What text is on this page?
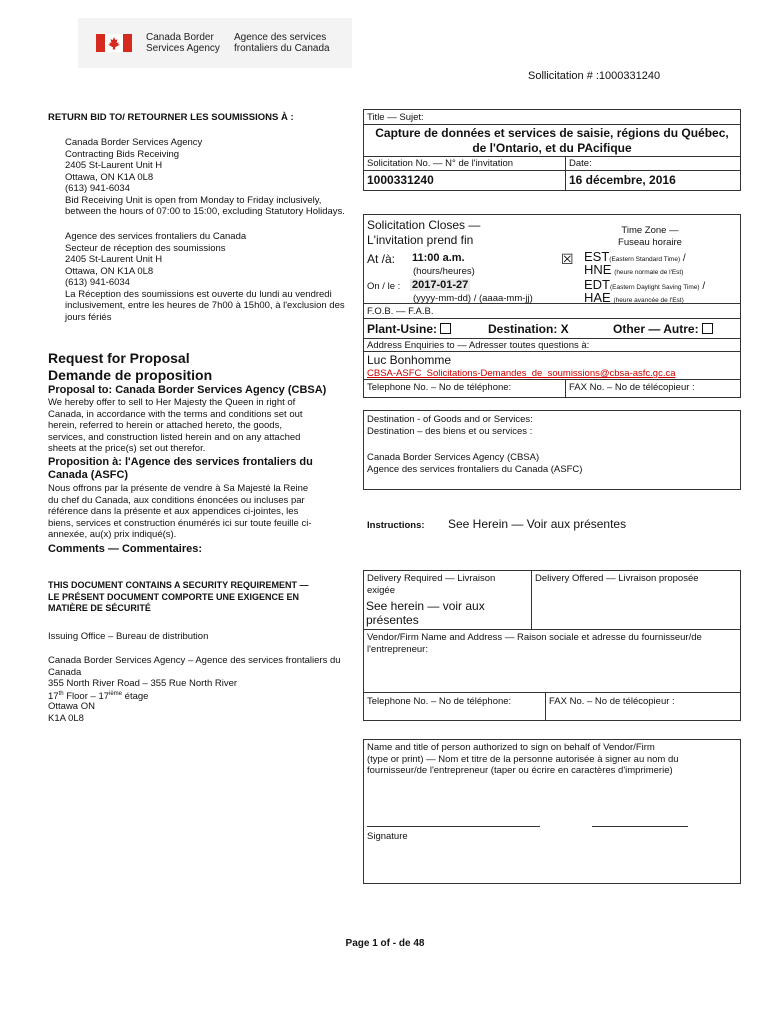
Canada Border
Services Agency
Agence des services
frontaliers du Canada
Sollicitation # :1000331240
RETURN BID TO/ RETOURNER LES SOUMISSIONS À :
Canada Border Services Agency
Contracting Bids Receiving
2405 St-Laurent Unit H
Ottawa, ON K1A 0L8
(613) 941-6034
Bid Receiving Unit is open from Monday to Friday inclusively,
between the hours of 07:00 to 15:00, excluding Statutory Holidays.
Agence des services frontaliers du Canada
Secteur de réception des soumissions
2405 St-Laurent Unit H
Ottawa, ON K1A 0L8
(613) 941-6034
La Réception des soumissions est ouverte du lundi au vendredi
inclusivement, entre les heures de 7h00 à 15h00, à l'exclusion des
jours fériés
Request for Proposal
Demande de proposition
Proposal to: Canada Border Services Agency (CBSA)
We hereby offer to sell to Her Majesty the Queen in right of
Canada, in accordance with the terms and conditions set out
herein, referred to herein or attached hereto, the goods,
services, and construction listed herein and on any attached
sheets at the price(s) set out therefor.
Proposition à: l'Agence des services frontaliers du
Canada (ASFC)
Nous offrons par la présente de vendre à Sa Majesté la Reine
du chef du Canada, aux conditions énoncées ou incluses par
référence dans la présente et aux appendices ci-jointes, les
biens, services et construction énumérés ici sur toute feuille ci-
annexée, au(x) prix indiqué(s).
Comments — Commentaires:
THIS DOCUMENT CONTAINS A SECURITY REQUIREMENT —
LE PRÉSENT DOCUMENT COMPORTE UNE EXIGENCE EN
MATIÈRE DE SÉCURITÉ
Issuing Office – Bureau de distribution
Canada Border Services Agency – Agence des services frontaliers du
Canada
355 North River Road – 355 Rue North River
17th Floor – 17ième étage
Ottawa ON
K1A 0L8
Title — Sujet:
Capture de données et services de saisie, régions du Québec,
de l'Ontario, et du PAcifique
Solicitation No. — N° de l'invitation	Date:
1000331240	16 décembre, 2016
Solicitation Closes —
L'invitation prend fin
At /à: 11:00 a.m.
(hours/heures)
On / le : 2017-01-27
(yyyy-mm-dd) / (aaaa-mm-jj)
Time Zone —
Fuseau horaire
☒ EST(Eastern Standard Time) /
HNE (heure normale de l'Est)
EDT(Eastern Daylight Saving Time) /
HAE (heure avancée de l'Est)
F.O.B. — F.A.B.
Plant-Usine:	Destination: X	Other — Autre:
Address Enquiries to — Adresser toutes questions à:
Luc Bonhomme
CBSA-ASFC_Solicitations-Demandes_de_soumissions@cbsa-asfc.gc.ca
Telephone No. – No de téléphone:	FAX No. – No de télécopieur :
Destination - of Goods and or Services:
Destination – des biens et ou services :
Canada Border Services Agency (CBSA)
Agence des services frontaliers du Canada (ASFC)
Instructions: See Herein — Voir aux présentes
Delivery Required — Livraison
exigée
See herein — voir aux
présentes
Delivery Offered — Livraison proposée
Vendor/Firm Name and Address — Raison sociale et adresse du fournisseur/de
l'entrepreneur:
Telephone No. – No de téléphone:	FAX No. – No de télécopieur :
Name and title of person authorized to sign on behalf of Vendor/Firm
(type or print) — Nom et titre de la personne autorisée à signer au nom du
fournisseur/de l'entrepreneur (taper ou écrire en caractères d'imprimerie)
Signature
Page 1 of - de 48
